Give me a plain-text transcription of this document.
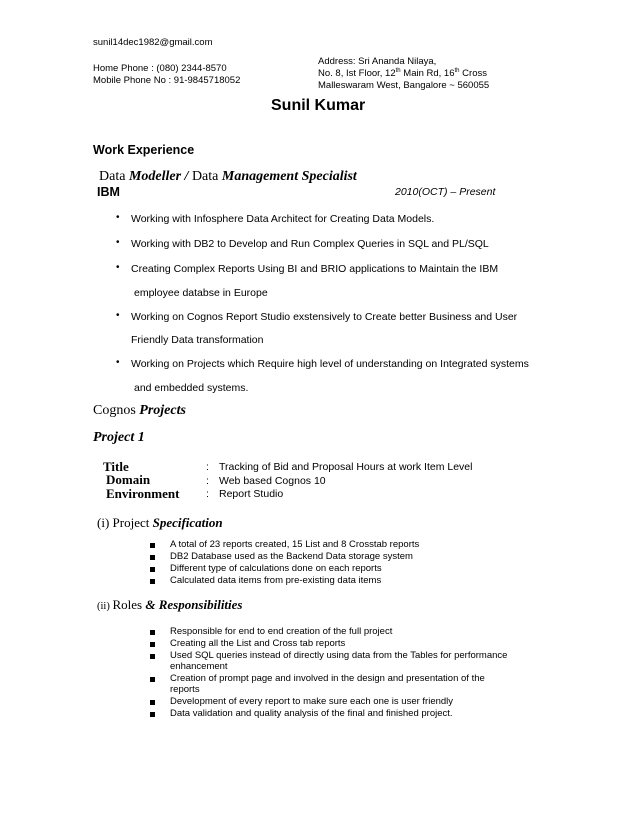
sunil14dec1982@gmail.com
Home Phone : (080) 2344-8570
Mobile Phone No : 91-9845718052
Address: Sri Ananda Nilaya,
No. 8, Ist Floor, 12th Main Rd, 16th Cross
Malleswaram West, Bangalore ~ 560055
Sunil Kumar
Work Experience
Data Modeller / Data Management Specialist
IBM	2010(OCT) – Present
• Working with Infosphere Data Architect for Creating Data Models.
• Working with DB2 to Develop and Run Complex Queries in SQL and PL/SQL
• Creating Complex Reports Using BI and BRIO applications to Maintain the IBM
employee databse in Europe
• Working on Cognos Report Studio exstensively to Create better Business and User
Friendly Data transformation
• Working on Projects which Require high level of understanding on Integrated systems
and embedded systems.
Cognos Projects
Project 1
Title	: Tracking of Bid and Proposal Hours at work Item Level
Domain	: Web based Cognos 10
Environment	: Report Studio
(i) Project Specification
A total of 23 reports created, 15 List and 8 Crosstab reports
DB2 Database used as the Backend Data storage system
Different type of calculations done on each reports
Calculated data items from pre-existing data items
(ii) Roles & Responsibilities
Responsible for end to end creation of the full project
Creating all the List and Cross tab reports
Used SQL queries instead of directly using data from the Tables for performance
enhancement
Creation of prompt page and involved in the design and presentation of the
reports
Development of every report to make sure each one is user friendly
Data validation and quality analysis of the final and finished project.
